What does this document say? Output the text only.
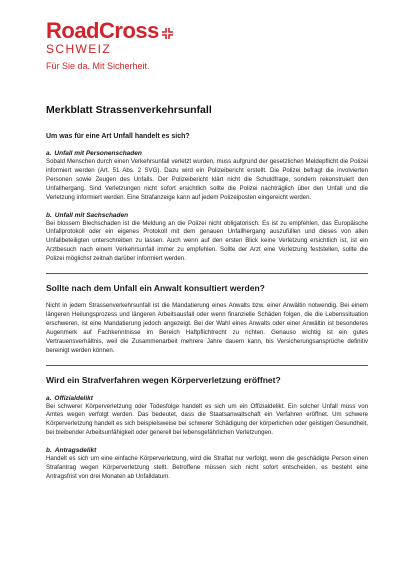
RoadCross
SCHWEIZ
Für Sie da. Mit Sicherheit.
Merkblatt Strassenverkehrsunfall
Um was für eine Art Unfall handelt es sich?
a. Unfall mit Personenschaden
Sobald Menschen durch einen Verkehrsunfall verletzt wurden, muss aufgrund der gesetzlichen Meldepflicht die Polizei informiert werden (Art. 51 Abs. 2 SVG). Dazu wird ein Polizeibericht erstellt. Die Polizei befragt die involvierten Personen sowie Zeugen des Unfalls. Der Polizeibericht klärt nicht die Schuldfrage, sondern rekonstruiert den Unfallhergang. Sind Verletzungen nicht sofort ersichtlich sollte die Polizei nachträglich über den Unfall und die Verletzung informiert werden. Eine Strafanzeige kann auf jedem Polizeiposten eingereicht werden.
b. Unfall mit Sachschaden
Bei blossem Blechschaden ist die Meldung an die Polizei nicht obligatorisch. Es ist zu empfehlen, das Europäische Unfallprotokoll oder ein eigenes Protokoll mit dem genauen Unfallhergang auszufüllen und dieses von allen Unfallbeteiligten unterschreiben zu lassen. Auch wenn auf den ersten Blick keine Verletzung ersichtlich ist, ist ein Arztbesuch nach einem Verkehrsunfall immer zu empfehlen. Sollte der Arzt eine Verletzung feststellen, sollte die Polizei möglichst zeitnah darüber informiert werden.
Sollte nach dem Unfall ein Anwalt konsultiert werden?
Nicht in jedem Strassenverkehrsunfall ist die Mandatierung eines Anwalts bzw. einer Anwältin notwendig. Bei einem längeren Heilungsprozess und längeren Arbeitsausfall oder wenn finanzielle Schäden folgen, die die Lebenssituation erschweren, ist eine Mandatierung jedoch angezeigt. Bei der Wahl eines Anwalts oder einer Anwältin ist besonderes Augenmerk auf Fachkenntnisse im Bereich Haftpflichtrecht zu richten. Genauso wichtig ist ein gutes Vertrauensverhältnis, weil die Zusammenarbeit mehrere Jahre dauern kann, bis Versicherungsansprüche definitiv bereinigt werden können.
Wird ein Strafverfahren wegen Körperverletzung eröffnet?
a. Offizialdelikt
Bei schwerer Körperverletzung oder Todesfolge handelt es sich um ein Offizialdelikt. Ein solcher Unfall muss von Amtes wegen verfolgt werden. Das bedeutet, dass die Staatsanwaltschaft ein Verfahren eröffnet. Um schwere Körperverletzung handelt es sich beispielsweise bei schwerer Schädigung der körperlichen oder geistigen Gesundheit, bei bleibender Arbeitsunfähigkeit oder generell bei lebensgefährlichen Verletzungen.
b. Antragsdelikt
Handelt es sich um eine einfache Körperverletzung, wird die Straftat nur verfolgt, wenn die geschädigte Person einen Strafantrag wegen Körperverletzung stellt. Betroffene müssen sich nicht sofort entscheiden, es besteht eine Antragsfrist von drei Monaten ab Unfalldatum.
